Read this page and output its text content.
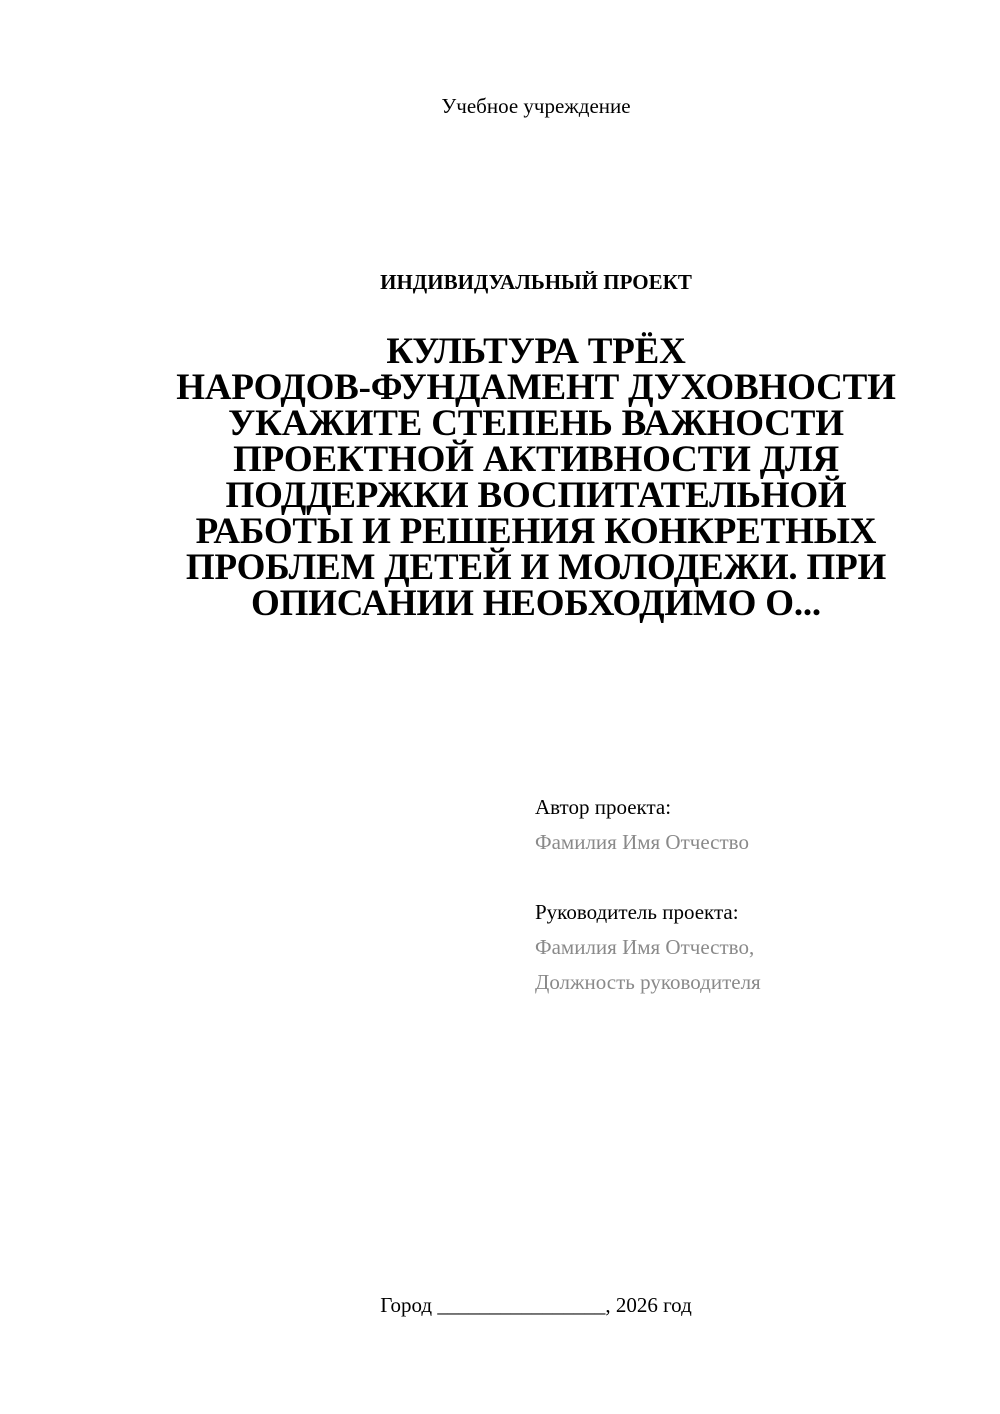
Учебное учреждение
ИНДИВИДУАЛЬНЫЙ ПРОЕКТ
КУЛЬТУРА ТРЁХ
НАРОДОВ-ФУНДАМЕНТ ДУХОВНОСТИ
УКАЖИТЕ СТЕПЕНЬ ВАЖНОСТИ
ПРОЕКТНОЙ АКТИВНОСТИ ДЛЯ
ПОДДЕРЖКИ ВОСПИТАТЕЛЬНОЙ
РАБОТЫ И РЕШЕНИЯ КОНКРЕТНЫХ
ПРОБЛЕМ ДЕТЕЙ И МОЛОДЕЖИ. ПРИ
ОПИСАНИИ НЕОБХОДИМО О...
Автор проекта:
Фамилия Имя Отчество
Руководитель проекта:
Фамилия Имя Отчество,
Должность руководителя
Город ________________, 2026 год
